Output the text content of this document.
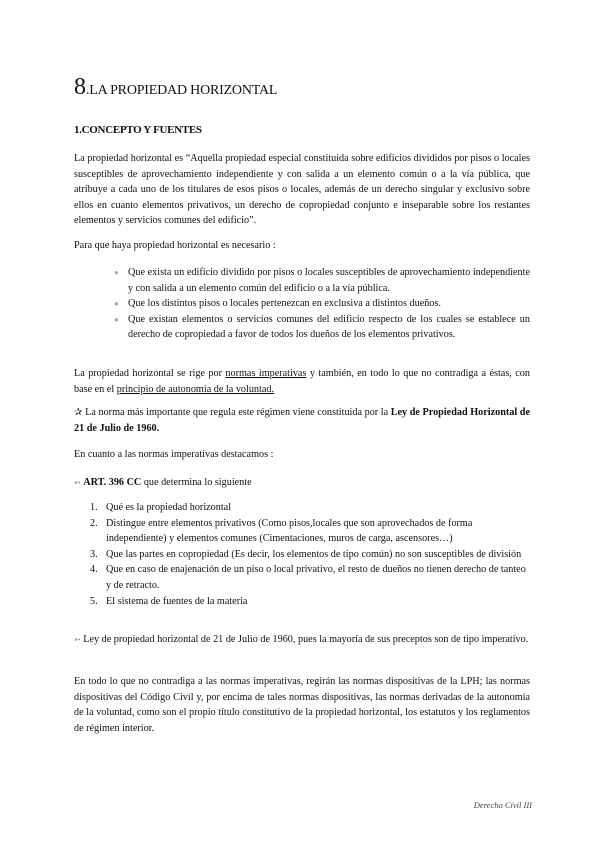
8.LA PROPIEDAD HORIZONTAL
1.CONCEPTO Y FUENTES

La propiedad horizontal es “Aquella propiedad especial constituida sobre edificios divididos por pisos o locales susceptibles de aprovechamiento independiente y con salida a un elemento común o a la vía pública, que atribuye a cada uno de los titulares de esos pisos o locales, además de un derecho singular y exclusivo sobre ellos en cuanto elementos privativos, un derecho de copropiedad conjunto e inseparable sobre los restantes elementos y servicios comunes del edificio”.

Para que haya propiedad horizontal es necesario :

● Que exista un edificio dividido por pisos o locales susceptibles de aprovechamiento independiente y con salida a un elemento común del edificio o a la vía pública.
● Que los distintos pisos o locales pertenezcan en exclusiva a distintos dueños.
● Que existan elementos o servicios comunes del edificio respecto de los cuales se establece un derecho de copropiedad a favor de todos los dueños de los elementos privativos.

La propiedad horizontal se rige por normas imperativas y también, en todo lo que no contradiga a éstas, con base en el principio de autonomía de la voluntad.

✰ La norma más importante que regula este régimen viene constituida por la Ley de Propiedad Horizontal de 21 de Julio de 1960.

En cuanto a las normas imperativas destacamos :

➳ ART. 396 CC que determina lo siguiente

1. Qué es la propiedad horizontal
2. Distingue entre elementos privativos (Como pisos,locales que son aprovechados de forma independiente) y elementos comunes (Cimentaciones, muros de carga, ascensores…)
3. Que las partes en copropiedad (Es decir, los elementos de tipo común) no son susceptibles de división
4. Que en caso de enajenación de un piso o local privativo, el resto de dueños no tienen derecho de tanteo y de retracto.
5. El sistema de fuentes de la materia

➳ Ley de propiedad horizontal de 21 de Julio de 1960, pues la mayoría de sus preceptos son de tipo imperativo.

En todo lo que no contradiga a las normas imperativas, regirán las normas dispositivas de la LPH; las normas dispositivas del Código Civil y, por encima de tales normas dispositivas, las normas derivadas de la autonomía de la voluntad, como son el propio título constitutivo de la propiedad horizontal, los estatutos y los reglamentos de régimen interior.

Derecho Civil III
